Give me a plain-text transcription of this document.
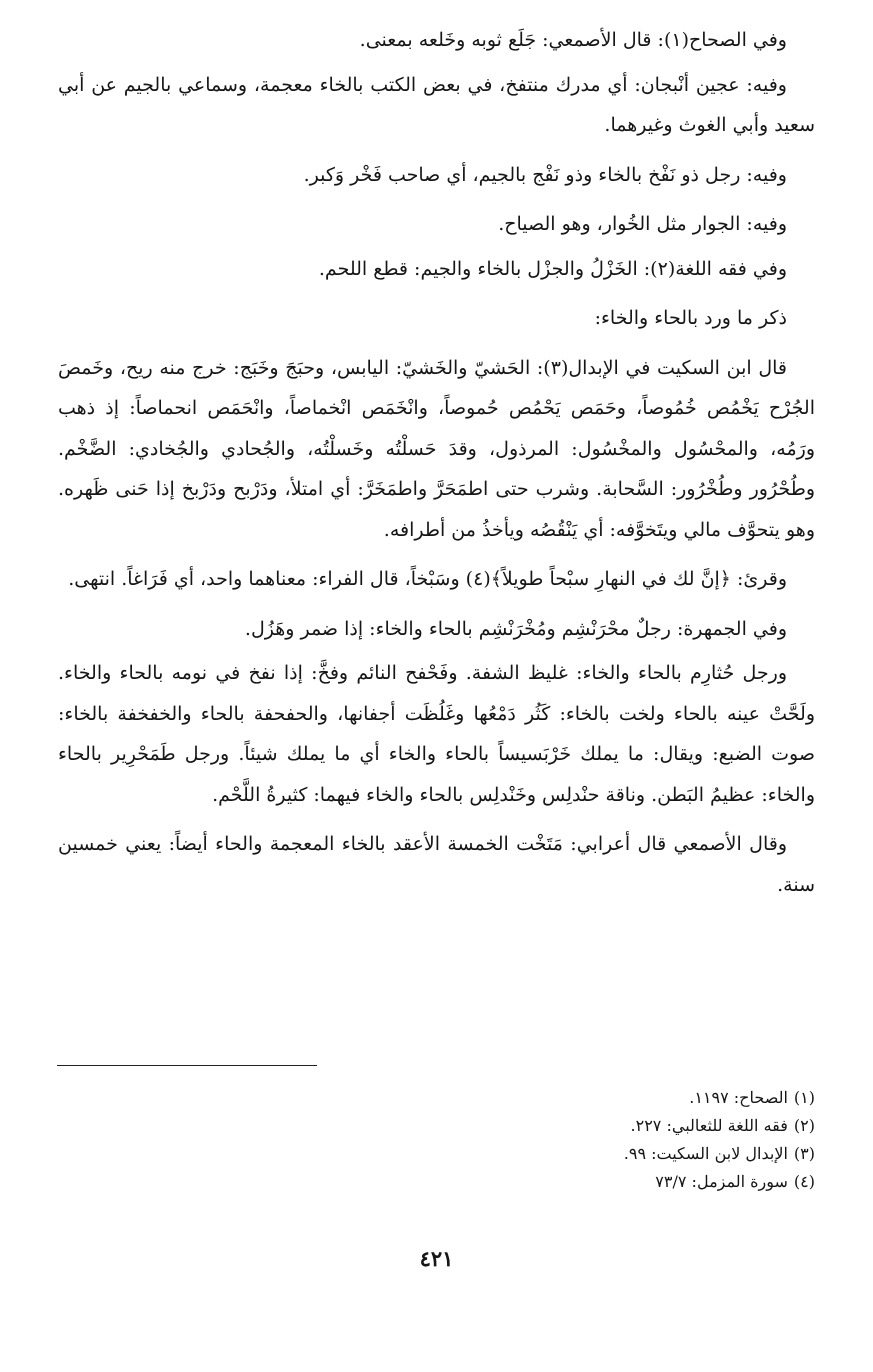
وفي الصحاح(١): قال الأصمعي: جَلَع ثوبه وخَلعه بمعنى.

وفيه: عجين أنْبجان: أي مدرك منتفخ، في بعض الكتب بالخاء معجمة، وسماعي بالجيم عن أبي سعيد وأبي الغوث وغيرهما.

وفيه: رجل ذو نَفْخ بالخاء وذو نَفْج بالجيم، أي صاحب فَخْر وَكبر.

وفيه: الجوار مثل الخُوار، وهو الصياح.

وفي فقه اللغة(٢): الخَزْلُ والجزْل بالخاء والجيم: قطع اللحم.

ذكر ما ورد بالحاء والخاء:

قال ابن السكيت في الإبدال(٣): الحَشيّ والخَشيّ: اليابس، وحبَجَ وخَبَج: خرج منه ريح، وخَمصَ الجُرْح يَخْمُص خُمُوصاً، وحَمَص يَحْمُص حُموصاً، وانْخَمَص انْخماصاً، وانْحَمَص انحماصاً: إذ ذهب ورَمُه، والمحْسُول والمخْسُول: المرذول، وقدَ حَسلْتُه وخَسلْتُه، والجُحادي والجُخادي: الضَّخْم. وطُحْرُور وطُخْرُور: السَّحابة. وشرب حتى اطمَحَرَّ واطمَخَرَّ: أي امتلأ، ودَرْبح ودَرْبخ إذا حَنى ظَهره. وهو يتحوَّف مالي ويتَخوَّفه: أي يَنْقُصُه ويأخذُ من أطرافه.

وقرئ: ﴿إنَّ لك في النهارِ سبْحاً طويلاً﴾(٤) وسَبْخاً، قال الفراء: معناهما واحد، أي فَرَاغاً. انتهى.

وفي الجمهرة: رجلٌ محْرَنْشِم ومُخْرَنْشِم بالحاء والخاء: إذا ضمر وهَزُل.

ورجل حُثارِم بالحاء والخاء: غليظ الشفة. وفَحْفح النائم وفخَّ: إذا نفخ في نومه بالحاء والخاء. ولَحَّتْ عينه بالحاء ولخت بالخاء: كَثُر دَمْعُها وغَلُظَت أجفانها، والحفحفة بالحاء والخفخفة بالخاء: صوت الضبع: ويقال: ما يملك خَرْبَسيساً بالحاء والخاء أي ما يملك شيئاً. ورجل طَمَحْرِير بالحاء والخاء: عظيمُ البَطن. وناقة حنْدلِس وخَنْدلِس بالحاء والخاء فيهما: كثيرةُ اللَّحْم.

وقال الأصمعي قال أعرابي: مَتَخْت الخمسة الأعقد بالخاء المعجمة والحاء أيضاً: يعني خمسين سنة.

(١)الصحاح: ١١٩٧.
(٢)فقه اللغة للثعالبي: ٢٢٧.
(٣)الإبدال لابن السكيت: ٩٩.
(٤)سورة المزمل: ٧٣/٧
٤٢١
